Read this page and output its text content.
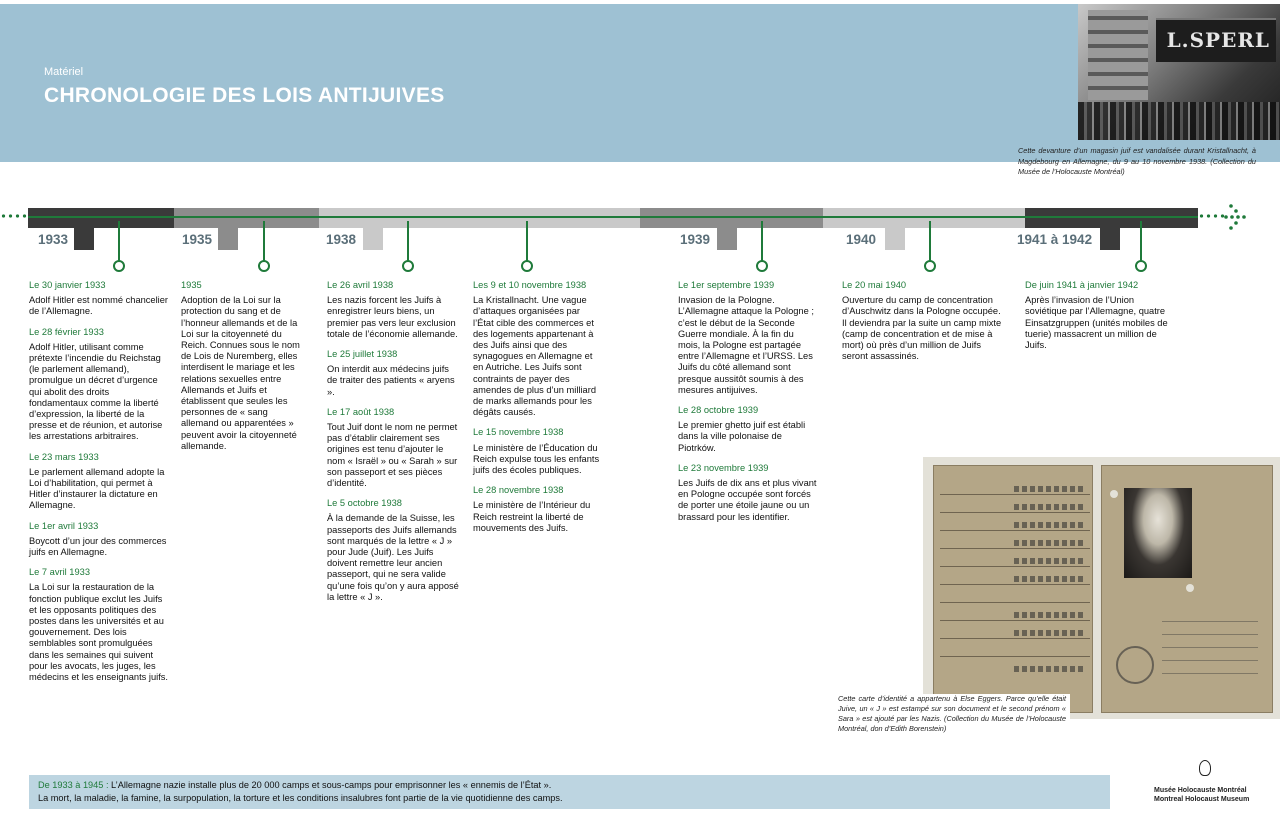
Matériel
CHRONOLOGIE DES LOIS ANTIJUIVES
L.SPERL
Cette devanture d’un magasin juif est vandalisée durant Kristallnacht, à Magdebourg en Allemagne, du 9 au 10 novembre 1938. (Collection du Musée de l’Holocauste Montréal)
1933	1935	1938	1939	1940	1941 à 1942
Le 30 janvier 1933
Adolf Hitler est nommé chancelier de l’Allemagne.
Le 28 février 1933
Adolf Hitler, utilisant comme prétexte l’incendie du Reichstag (le parlement allemand), promulgue un décret d’urgence qui abolit des droits fondamentaux comme la liberté d’expression, la liberté de la presse et de réunion, et autorise les arrestations arbitraires.
Le 23 mars 1933
Le parlement allemand adopte la Loi d’habilitation, qui permet à Hitler d’instaurer la dictature en Allemagne.
Le 1er avril 1933
Boycott d’un jour des commerces juifs en Allemagne.
Le 7 avril 1933
La Loi sur la restauration de la fonction publique exclut les Juifs et les opposants politiques des postes dans les universités et au gouvernement. Des lois semblables sont promulguées dans les semaines qui suivent pour les avocats, les juges, les médecins et les enseignants juifs.
1935
Adoption de la Loi sur la protection du sang et de l’honneur allemands et de la Loi sur la citoyenneté du Reich. Connues sous le nom de Lois de Nuremberg, elles interdisent le mariage et les relations sexuelles entre Allemands et Juifs et établissent que seules les personnes de « sang allemand ou apparentées » peuvent avoir la citoyenneté allemande.
Le 26 avril 1938
Les nazis forcent les Juifs à enregistrer leurs biens, un premier pas vers leur exclusion totale de l’économie allemande.
Le 25 juillet 1938
On interdit aux médecins juifs de traiter des patients « aryens ».
Le 17 août 1938
Tout Juif dont le nom ne permet pas d’établir clairement ses origines est tenu d’ajouter le nom « Israël » ou « Sarah » sur son passeport et ses pièces d’identité.
Le 5 octobre 1938
À la demande de la Suisse, les passeports des Juifs allemands sont marqués de la lettre « J » pour Jude (Juif). Les Juifs doivent remettre leur ancien passeport, qui ne sera valide qu’une fois qu’on y aura apposé la lettre « J ».
Les 9 et 10 novembre 1938
La Kristallnacht. Une vague d’attaques organisées par l’État cible des commerces et des logements appartenant à des Juifs ainsi que des synagogues en Allemagne et en Autriche. Les Juifs sont contraints de payer des amendes de plus d’un milliard de marks allemands pour les dégâts causés.
Le 15 novembre 1938
Le ministère de l’Éducation du Reich expulse tous les enfants juifs des écoles publiques.
Le 28 novembre 1938
Le ministère de l’Intérieur du Reich restreint la liberté de mouvements des Juifs.
Le 1er septembre 1939
Invasion de la Pologne. L’Allemagne attaque la Pologne ; c’est le début de la Seconde Guerre mondiale. À la fin du mois, la Pologne est partagée entre l’Allemagne et l’URSS. Les Juifs du côté allemand sont presque aussitôt soumis à des mesures antijuives.
Le 28 octobre 1939
Le premier ghetto juif est établi dans la ville polonaise de Piotrków.
Le 23 novembre 1939
Les Juifs de dix ans et plus vivant en Pologne occupée sont forcés de porter une étoile jaune ou un brassard pour les identifier.
Le 20 mai 1940
Ouverture du camp de concentration d’Auschwitz dans la Pologne occupée. Il deviendra par la suite un camp mixte (camp de concentration et de mise à mort) où près d’un million de Juifs seront assassinés.
De juin 1941 à janvier 1942
Après l’invasion de l’Union soviétique par l’Allemagne, quatre Einsatzgruppen (unités mobiles de tuerie) massacrent un million de Juifs.
Cette carte d’identité a appartenu à Else Eggers. Parce qu’elle était Juive, un « J » est estampé sur son document et le second prénom « Sara » est ajouté par les Nazis. (Collection du Musée de l’Holocauste Montréal, don d’Edith Borenstein)
De 1933 à 1945 : L’Allemagne nazie installe plus de 20 000 camps et sous-camps pour emprisonner les « ennemis de l’État ».
La mort, la maladie, la famine, la surpopulation, la torture et les conditions insalubres font partie de la vie quotidienne des camps.
Musée Holocauste Montréal
Montreal Holocaust Museum
